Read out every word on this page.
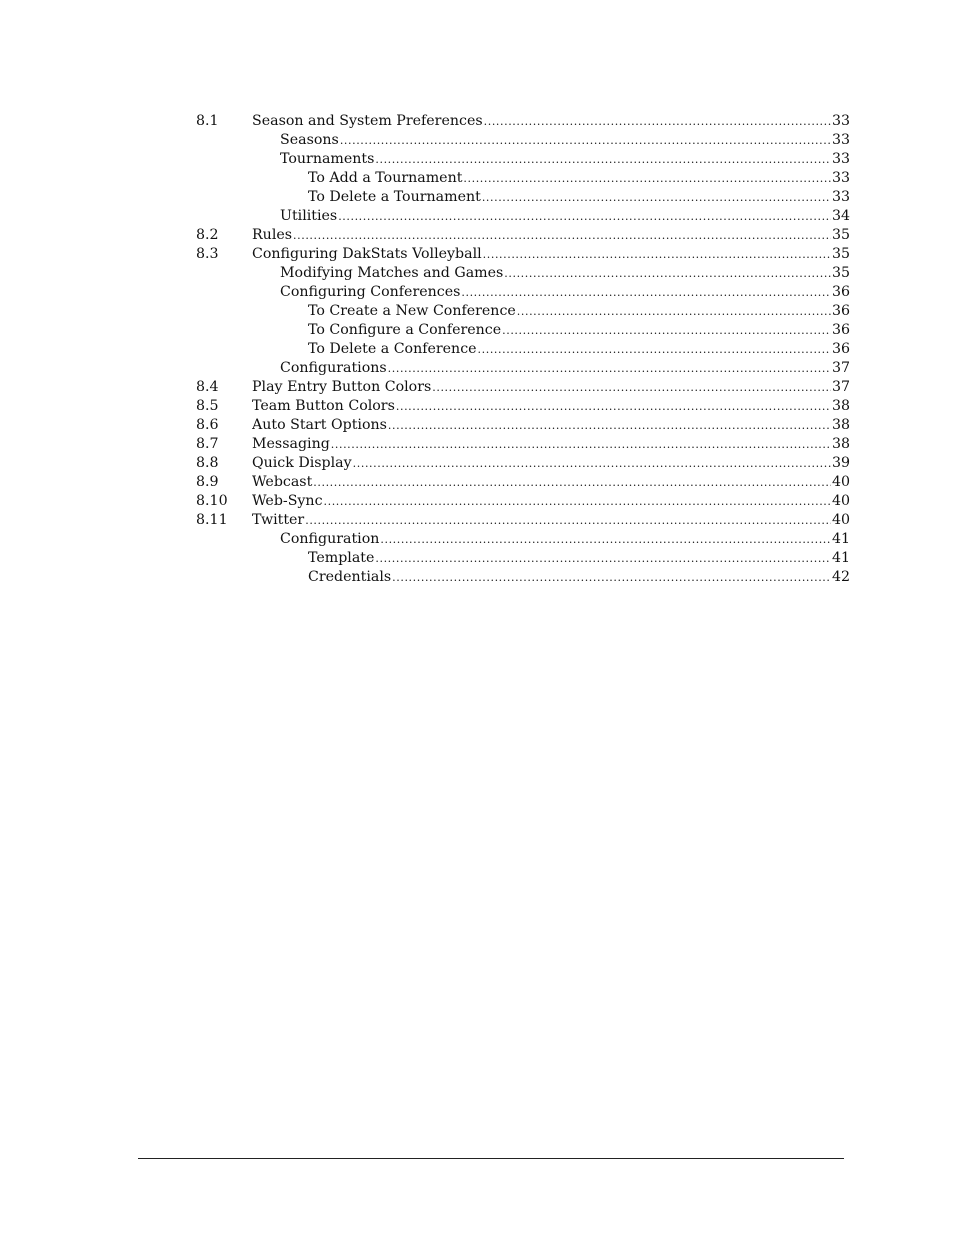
8.1 Season and System Preferences .....	33
Seasons .....	33
Tournaments .....	33
To Add a Tournament .....	33
To Delete a Tournament .....	33
Utilities .....	34
8.2 Rules .....	35
8.3 Configuring DakStats Volleyball .....	35
Modifying Matches and Games .....	35
Configuring Conferences .....	36
To Create a New Conference .....	36
To Configure a Conference .....	36
To Delete a Conference .....	36
Configurations .....	37
8.4 Play Entry Button Colors .....	37
8.5 Team Button Colors .....	38
8.6 Auto Start Options .....	38
8.7 Messaging .....	38
8.8 Quick Display .....	39
8.9 Webcast .....	40
8.10 Web-Sync .....	40
8.11 Twitter .....	40
Configuration .....	41
Template .....	41
Credentials .....	42
